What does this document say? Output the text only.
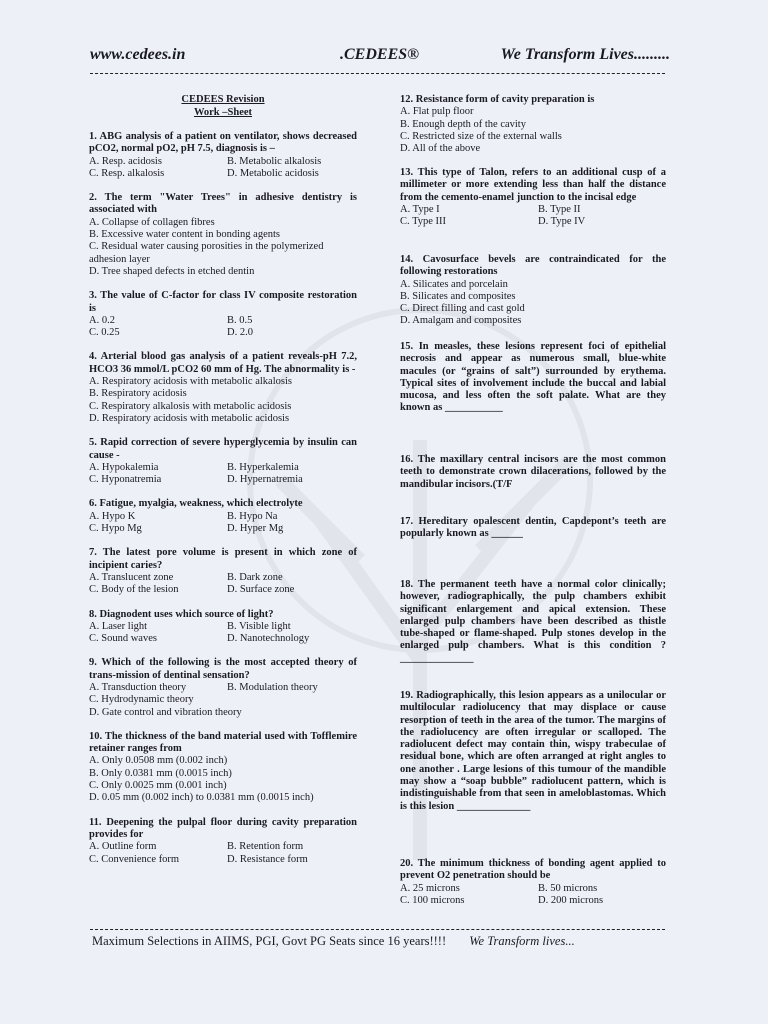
www.cedees.in	.CEDEES®	We Transform Lives.........
CEDEES Revision
Work –Sheet
1. ABG analysis of a patient on ventilator, shows decreased pCO2, normal pO2, pH 7.5, diagnosis is –
A. Resp. acidosis	B. Metabolic alkalosis
C. Resp. alkalosis	D. Metabolic acidosis
2. The term "Water Trees" in adhesive dentistry is associated with
A. Collapse of collagen fibres
B. Excessive water content in bonding agents
C. Residual water causing porosities in the polymerized adhesion layer
D. Tree shaped defects in etched dentin
3. The value of C-factor for class IV composite restoration is
A. 0.2	B. 0.5
C. 0.25	D. 2.0
4. Arterial blood gas analysis of a patient reveals-pH 7.2, HCO3 36 mmol/L pCO2 60 mm of Hg. The abnormality is -
A. Respiratory acidosis with metabolic alkalosis
B. Respiratory acidosis
C. Respiratory alkalosis with metabolic acidosis
D. Respiratory acidosis with metabolic acidosis
5. Rapid correction of severe hyperglycemia by insulin can cause -
A. Hypokalemia	B. Hyperkalemia
C. Hyponatremia	D. Hypernatremia
6. Fatigue, myalgia, weakness, which electrolyte
A. Hypo K	B. Hypo Na
C. Hypo Mg	D. Hyper Mg
7. The latest pore volume is present in which zone of incipient caries?
A. Translucent zone	B. Dark zone
C. Body of the lesion	D. Surface zone
8. Diagnodent uses which source of light?
A. Laser light	B. Visible light
C. Sound waves	D. Nanotechnology
9. Which of the following is the most accepted theory of trans-mission of dentinal sensation?
A. Transduction theory	B. Modulation theory
C. Hydrodynamic theory
D. Gate control and vibration theory
10. The thickness of the band material used with Tofflemire retainer ranges from
A. Only 0.0508 mm (0.002 inch)
B. Only 0.0381 mm (0.0015 inch)
C. Only 0.0025 mm (0.001 inch)
D. 0.05 mm (0.002 inch) to 0.0381 mm (0.0015 inch)
11. Deepening the pulpal floor during cavity preparation provides for
A. Outline form	B. Retention form
C. Convenience form	D. Resistance form
12. Resistance form of cavity preparation is
A. Flat pulp floor
B. Enough depth of the cavity
C. Restricted size of the external walls
D. All of the above
13. This type of Talon, refers to an additional cusp of a millimeter or more extending less than half the distance from the cemento-enamel junction to the incisal edge
A. Type I	B. Type II
C. Type III	D. Type IV
14. Cavosurface bevels are contraindicated for the following restorations
A. Silicates and porcelain
B. Silicates and composites
C. Direct filling and cast gold
D. Amalgam and composites
15. In measles, these lesions represent foci of epithelial necrosis and appear as numerous small, blue-white macules (or “grains of salt”) surrounded by erythema. Typical sites of involvement include the buccal and labial mucosa, and less often the soft palate. What are they known as ___________
16. The maxillary central incisors are the most common teeth to demonstrate crown dilacerations, followed by the mandibular incisors.(T/F
17. Hereditary opalescent dentin, Capdepont’s teeth are popularly known as ______
18. The permanent teeth have a normal color clinically; however, radiographically, the pulp chambers exhibit significant enlargement and apical extension. These enlarged pulp chambers have been described as thistle tube-shaped or flame-shaped. Pulp stones develop in the enlarged pulp chambers. What is this condition ? ______________
19. Radiographically, this lesion appears as a unilocular or multilocular radiolucency that may displace or cause resorption of teeth in the area of the tumor. The margins of the radiolucency are often irregular or scalloped. The radiolucent defect may contain thin, wispy trabeculae of residual bone, which are often arranged at right angles to one another . Large lesions of this tumour of the mandible may show a “soap bubble” radiolucent pattern, which is indistinguishable from that seen in ameloblastomas. Which is this lesion ______________
20. The minimum thickness of bonding agent applied to prevent O2 penetration should be
A. 25 microns	B. 50 microns
C. 100 microns	D. 200 microns
Maximum Selections in AIIMS, PGI, Govt PG Seats since 16 years!!!! We Transform lives...
